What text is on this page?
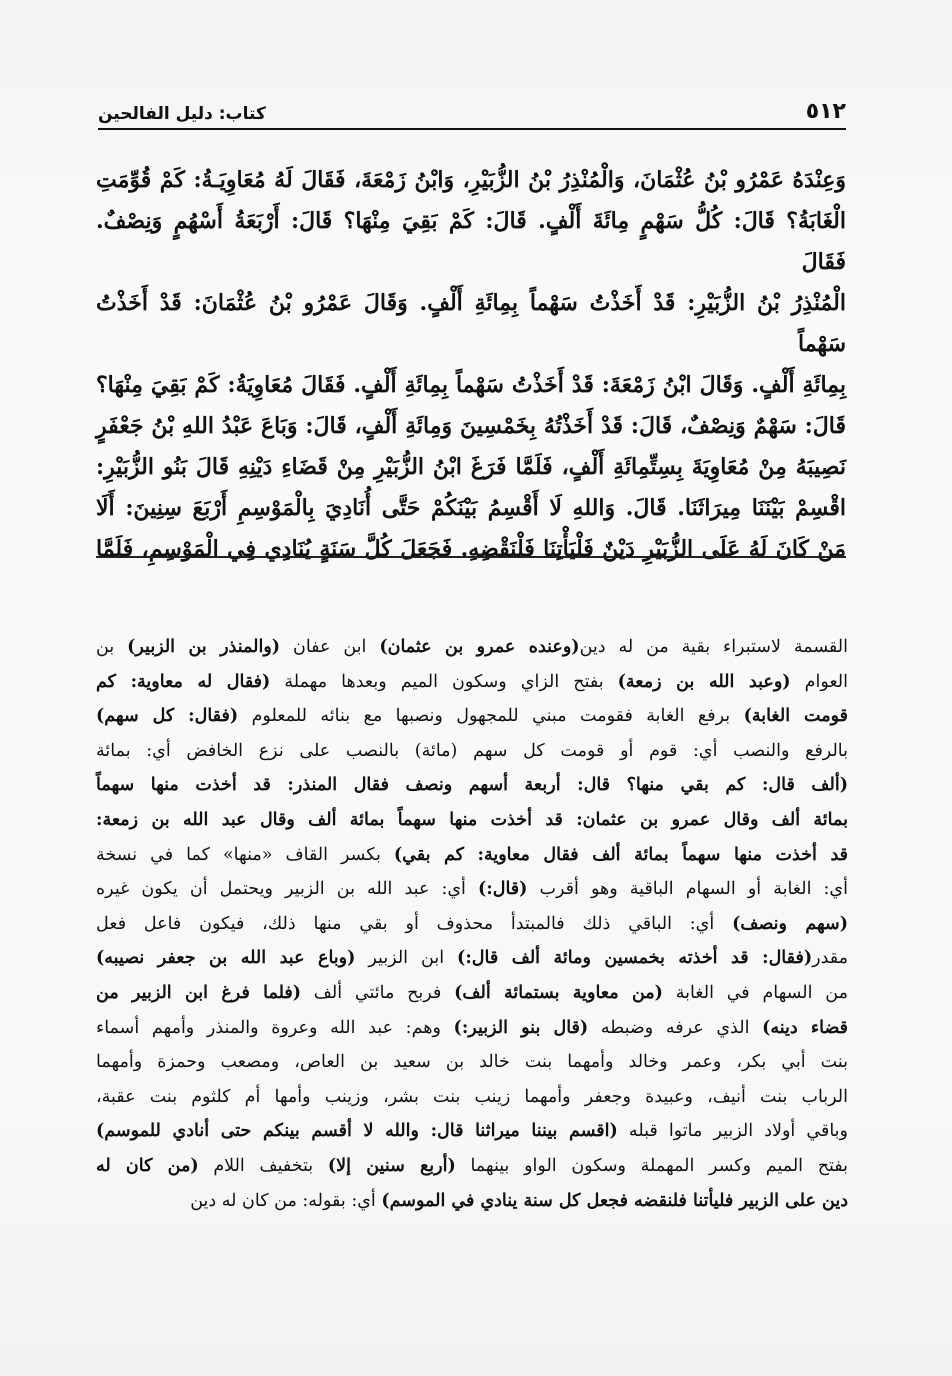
٥١٢
كتاب: دليل الفالحين

وَعِنْدَهُ عَمْرُو بْنُ عُثْمَانَ، وَالْمُنْذِرُ بْنُ الزُّبَيْرِ، وَابْنُ زَمْعَةَ، فَقَالَ لَهُ مُعَاوِيَـةُ: كَمْ قُوِّمَتِ

الْغَابَةُ؟ قَالَ: كُلُّ سَهْمٍ مِائَةَ أَلْفٍ. قَالَ: كَمْ بَقِيَ مِنْهَا؟ قَالَ: أَرْبَعَةُ أَسْهُمٍ وَنِصْفٌ. فَقَالَ

الْمُنْذِرُ بْنُ الزُّبَيْرِ: قَدْ أَخَذْتُ سَهْماً بِمِائَةِ أَلْفٍ. وَقَالَ عَمْرُو بْنُ عُثْمَانَ: قَدْ أَخَذْتُ سَهْماً

بِمِائَةِ أَلْفٍ. وَقَالَ ابْنُ زَمْعَةَ: قَدْ أَخَذْتُ سَهْماً بِمِائَةِ أَلْفٍ. فَقَالَ مُعَاوِيَةُ: كَمْ بَقِيَ مِنْهَا؟

قَالَ: سَهْمٌ وَنِصْفٌ، قَالَ: قَدْ أَخَذْتُهُ بِخَمْسِينَ وَمِائَةِ أَلْفٍ، قَالَ: وَبَاعَ عَبْدُ اللهِ بْنُ جَعْفَرٍ

نَصِيبَهُ مِنْ مُعَاوِيَةَ بِسِتِّمِائَةِ أَلْفٍ، فَلَمَّا فَرَغَ ابْنُ الزُّبَيْرِ مِنْ قَضَاءِ دَيْنِهِ قَالَ بَنُو الزُّبَيْرِ:

اقْسِمْ بَيْنَنَا مِيرَاثَنَا. قَالَ. وَاللهِ لَا أَقْسِمُ بَيْنَكُمْ حَتَّى أُنَادِيَ بِالْمَوْسِمِ أَرْبَعَ سِنِينَ: أَلَا

مَنْ كَانَ لَهُ عَلَى الزُّبَيْرِ دَيْنٌ فَلْيَأْتِنَا فَلْنَقْضِهِ. فَجَعَلَ كُلَّ سَنَةٍ يُنَادِي فِي الْمَوْسِمِ، فَلَمَّا

القسمة لاستبراء بقية من له دين(وعنده عمرو بن عثمان) ابن عفان (والمنذر بن الزبير) بن

العوام (وعبد الله بن زمعة) بفتح الزاي وسكون الميم وبعدها مهملة (فقال له معاوية: كم

قومت الغابة) برفع الغابة فقومت مبني للمجهول ونصبها مع بنائه للمعلوم (فقال: كل سهم)

بالرفع والنصب أي: قوم أو قومت كل سهم (مائة) بالنصب على نزع الخافض أي: بمائة

(ألف قال: كم بقي منها؟ قال: أربعة أسهم ونصف فقال المنذر: قد أخذت منها سهماً

بمائة ألف وقال عمرو بن عثمان: قد أخذت منها سهماً بمائة ألف وقال عبد الله بن زمعة:

قد أخذت منها سهماً بمائة ألف فقال معاوية: كم بقي) بكسر القاف «منها» كما في نسخة

أي: الغابة أو السهام الباقية وهو أقرب (قال:) أي: عبد الله بن الزبير ويحتمل أن يكون غيره

(سهم ونصف) أي: الباقي ذلك فالمبتدأ محذوف أو بقي منها ذلك، فيكون فاعل فعل

مقدر(فقال: قد أخذته بخمسين ومائة ألف قال:) ابن الزبير (وباع عبد الله بن جعفر نصيبه)

من السهام في الغابة (من معاوية بستمائة ألف) فربح مائتي ألف (فلما فرغ ابن الزبير من

قضاء دينه) الذي عرفه وضبطه (قال بنو الزبير:) وهم: عبد الله وعروة والمنذر وأمهم أسماء

بنت أبي بكر، وعمر وخالد وأمهما بنت خالد بن سعيد بن العاص، ومصعب وحمزة وأمهما

الرباب بنت أنيف، وعبيدة وجعفر وأمهما زينب بنت بشر، وزينب وأمها أم كلثوم بنت عقبة،

وباقي أولاد الزبير ماتوا قبله (اقسم بيننا ميراثنا قال: والله لا أقسم بينكم حتى أنادي للموسم)

بفتح الميم وكسر المهملة وسكون الواو بينهما (أربع سنين إلا) بتخفيف اللام (من كان له

دين على الزبير فليأتنا فلنقضه فجعل كل سنة ينادي في الموسم) أي: بقوله: من كان له دين
